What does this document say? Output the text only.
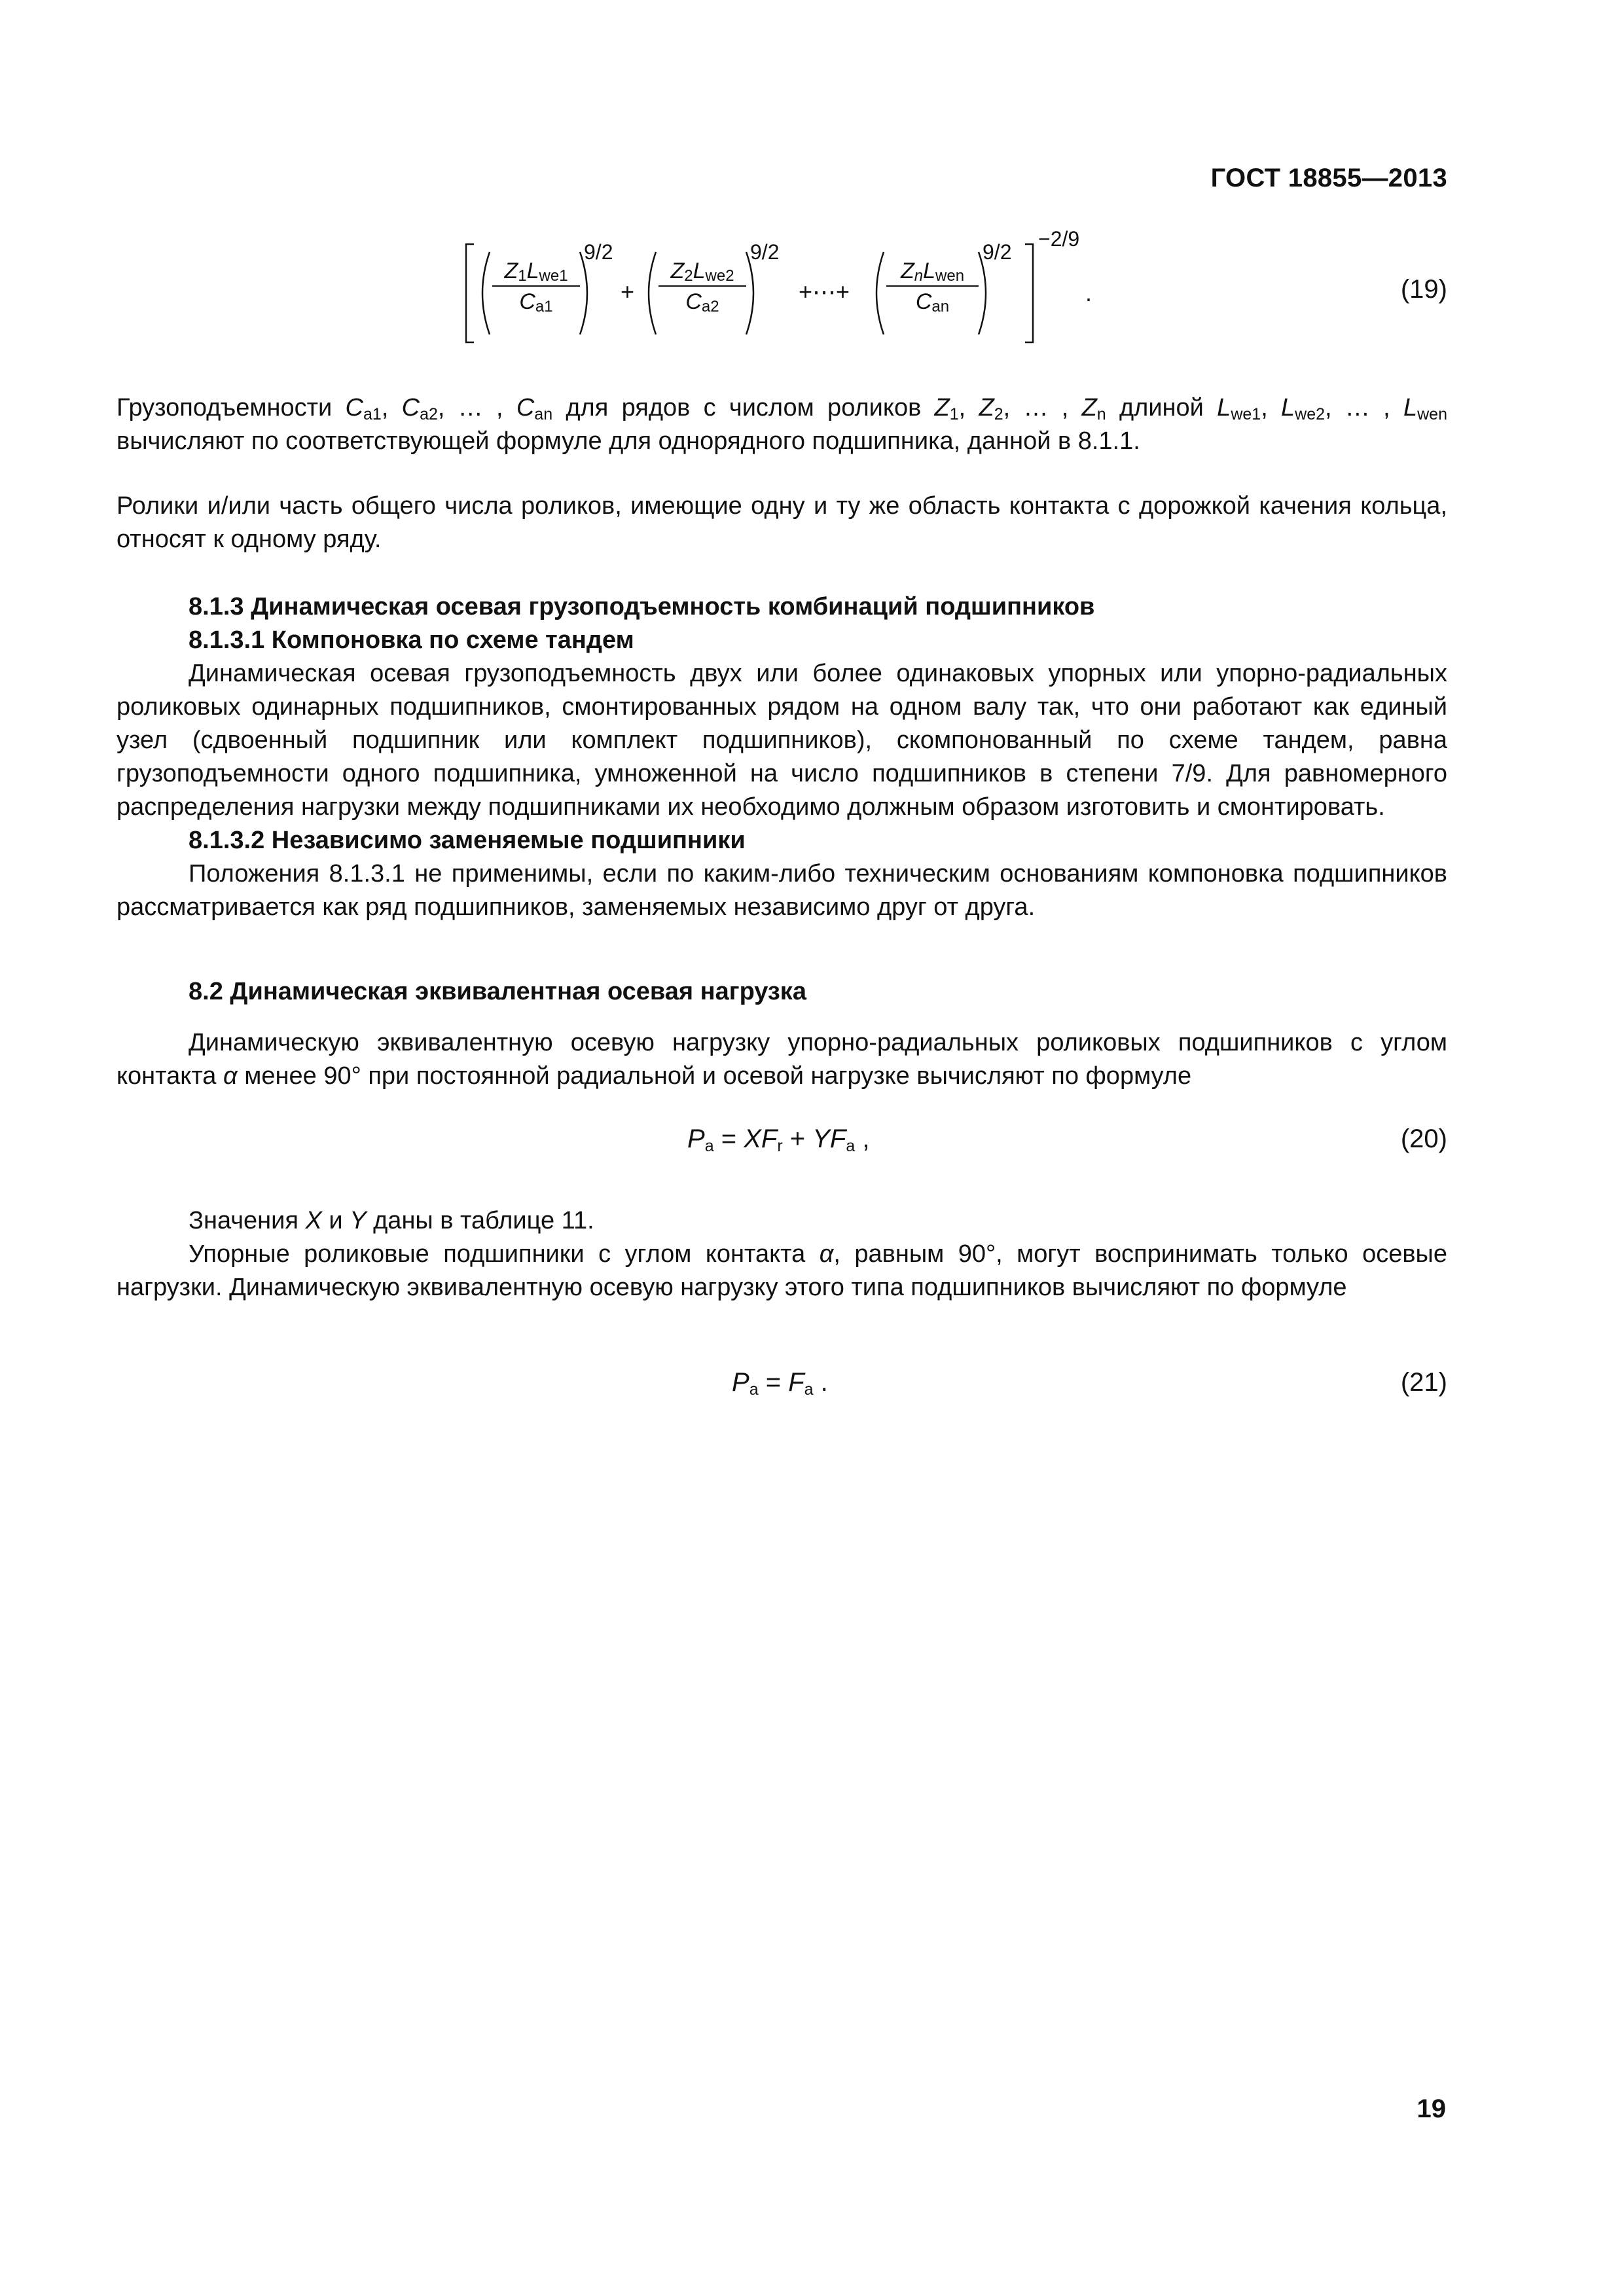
ГОСТ 18855—2013
Z1Lwe1
Ca1
9/2
+
Z2Lwe2
Ca2
9/2
+⋯+
ZnLwen
Can
9/2
−2/9
.	(19)

Грузоподъемности $C_{a1}$, $C_{a2}$, … , $C_{an}$ для рядов с числом роликов $Z_1$, $Z_2$, … , $Z_n$ длиной $L_{we1}$, $L_{we2}$, … , $L_{wen}$ вычисляют по соответствующей формуле для однорядного подшипника, данной в 8.1.1.

Ролики и/или часть общего числа роликов, имеющие одну и ту же область контакта с дорожкой качения кольца, относят к одному ряду.

8.1.3 Динамическая осевая грузоподъемность комбинаций подшипников

8.1.3.1 Компоновка по схеме тандем

Динамическая осевая грузоподъемность двух или более одинаковых упорных или упорно-радиальных роликовых одинарных подшипников, смонтированных рядом на одном валу так, что они работают как единый узел (сдвоенный подшипник или комплект подшипников), скомпонованный по схеме тандем, равна грузоподъемности одного подшипника, умноженной на число подшипников в степени 7/9. Для равномерного распределения нагрузки между подшипниками их необходимо должным образом изготовить и смонтировать.

8.1.3.2 Независимо заменяемые подшипники

Положения 8.1.3.1 не применимы, если по каким-либо техническим основаниям компоновка подшипников рассматривается как ряд подшипников, заменяемых независимо друг от друга.

8.2 Динамическая эквивалентная осевая нагрузка

Динамическую эквивалентную осевую нагрузку упорно-радиальных роликовых подшипников с углом контакта α менее 90° при постоянной радиальной и осевой нагрузке вычисляют по формуле

$P_a = XF_r + YF_a$ ,	(20)

Значения X и Y даны в таблице 11.

Упорные роликовые подшипники с углом контакта α, равным 90°, могут воспринимать только осевые нагрузки. Динамическую эквивалентную осевую нагрузку этого типа подшипников вычисляют по формуле

$P_a = F_a$ .	(21)
19
